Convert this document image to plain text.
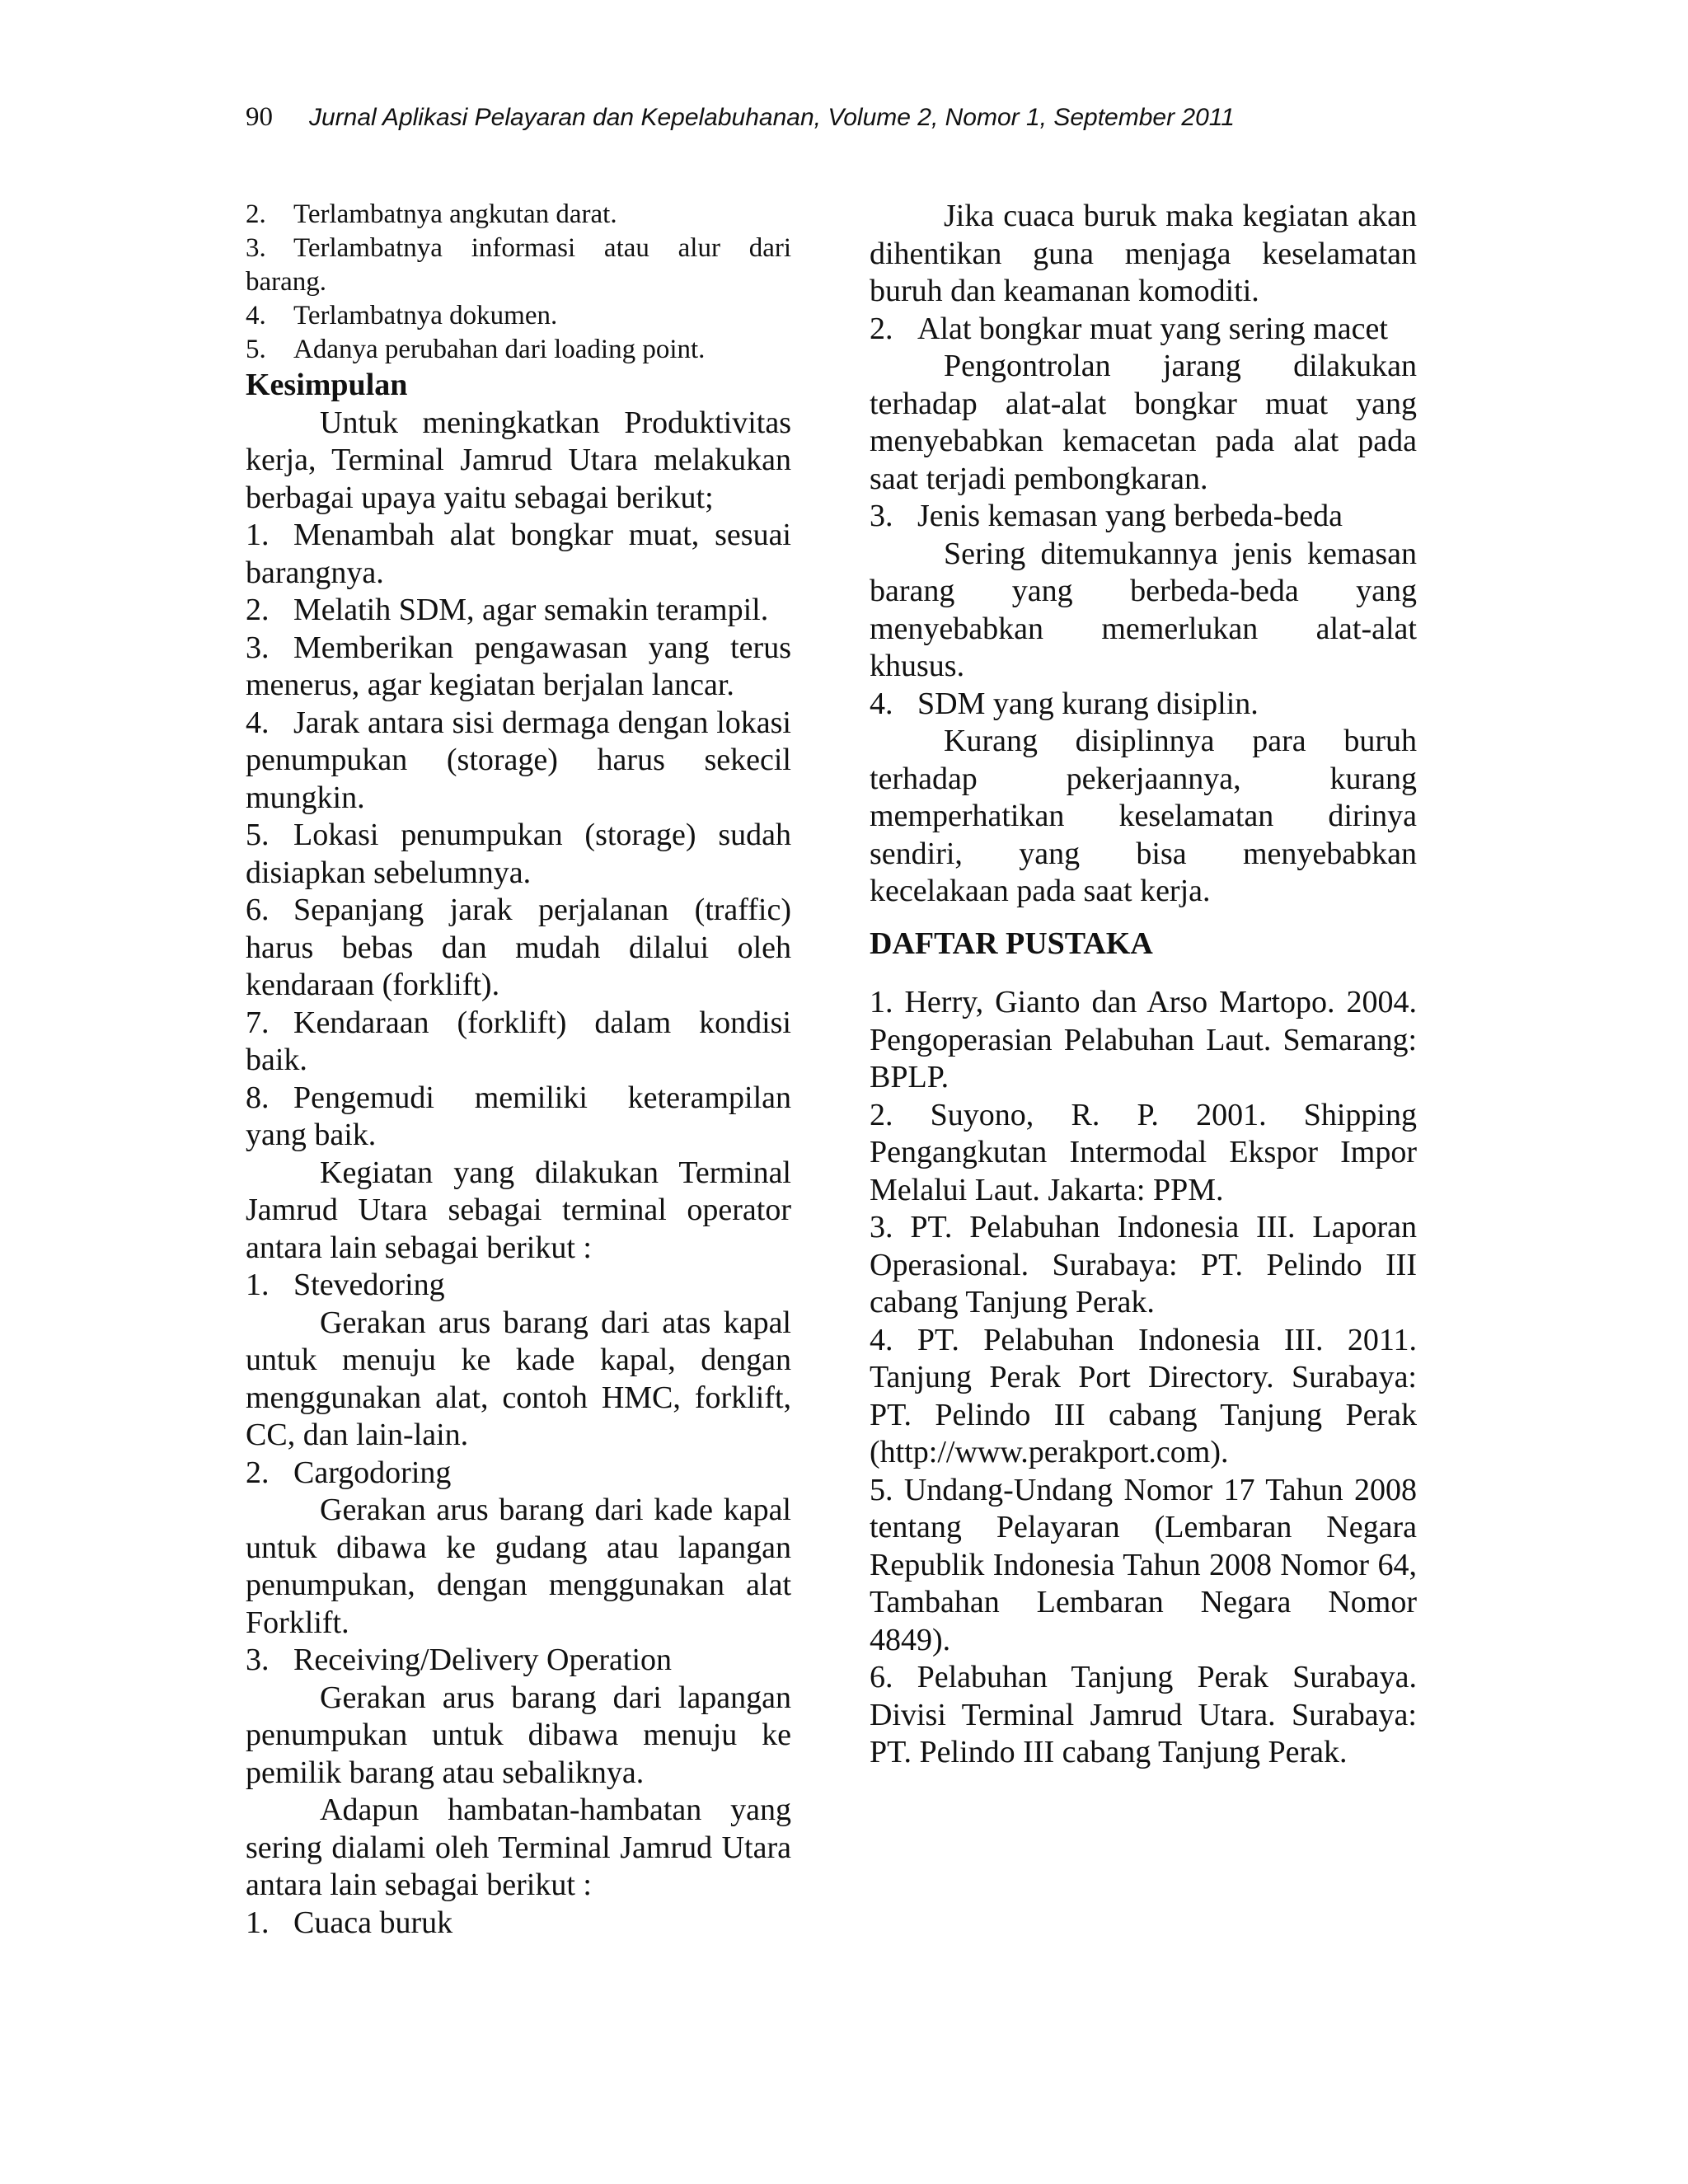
90 Jurnal Aplikasi Pelayaran dan Kepelabuhanan, Volume 2, Nomor 1, September 2011

2. Terlambatnya angkutan darat.

3. Terlambatnya informasi atau alur dari barang.

4. Terlambatnya dokumen.

5. Adanya perubahan dari loading point.

Kesimpulan

Untuk meningkatkan Produktivitas kerja, Terminal Jamrud Utara melakukan berbagai upaya yaitu sebagai berikut;

1. Menambah alat bongkar muat, sesuai barangnya.

2. Melatih SDM, agar semakin terampil.

3. Memberikan pengawasan yang terus menerus, agar kegiatan berjalan lancar.

4. Jarak antara sisi dermaga dengan lokasi penumpukan (storage) harus sekecil mungkin.

5. Lokasi penumpukan (storage) sudah disiapkan sebelumnya.

6. Sepanjang jarak perjalanan (traffic) harus bebas dan mudah dilalui oleh kendaraan (forklift).

7. Kendaraan (forklift) dalam kondisi baik.

8. Pengemudi memiliki keterampilan yang baik.

Kegiatan yang dilakukan Terminal Jamrud Utara sebagai terminal operator antara lain sebagai berikut :

1. Stevedoring

Gerakan arus barang dari atas kapal untuk menuju ke kade kapal, dengan menggunakan alat, contoh HMC, forklift, CC, dan lain-lain.

2. Cargodoring

Gerakan arus barang dari kade kapal untuk dibawa ke gudang atau lapangan penumpukan, dengan menggunakan alat Forklift.

3. Receiving/Delivery Operation

Gerakan arus barang dari lapangan penumpukan untuk dibawa menuju ke pemilik barang atau sebaliknya.

Adapun hambatan-hambatan yang sering dialami oleh Terminal Jamrud Utara antara lain sebagai berikut :

1. Cuaca buruk

Jika cuaca buruk maka kegiatan akan dihentikan guna menjaga keselamatan buruh dan keamanan komoditi.

2. Alat bongkar muat yang sering macet

Pengontrolan jarang dilakukan terhadap alat-alat bongkar muat yang menyebabkan kemacetan pada alat pada saat terjadi pembongkaran.

3. Jenis kemasan yang berbeda-beda

Sering ditemukannya jenis kemasan barang yang berbeda-beda yang menyebabkan memerlukan alat-alat khusus.

4. SDM yang kurang disiplin.

Kurang disiplinnya para buruh terhadap pekerjaannya, kurang memperhatikan keselamatan dirinya sendiri, yang bisa menyebabkan kecelakaan pada saat kerja.

DAFTAR PUSTAKA

1. Herry, Gianto dan Arso Martopo. 2004. Pengoperasian Pelabuhan Laut. Semarang: BPLP.

2. Suyono, R. P. 2001. Shipping Pengangkutan Intermodal Ekspor Impor Melalui Laut. Jakarta: PPM.

3. PT. Pelabuhan Indonesia III. Laporan Operasional. Surabaya: PT. Pelindo III cabang Tanjung Perak.

4. PT. Pelabuhan Indonesia III. 2011. Tanjung Perak Port Directory. Surabaya: PT. Pelindo III cabang Tanjung Perak (http://www.perakport.com).

5. Undang-Undang Nomor 17 Tahun 2008 tentang Pelayaran (Lembaran Negara Republik Indonesia Tahun 2008 Nomor 64, Tambahan Lembaran Negara Nomor 4849).

6. Pelabuhan Tanjung Perak Surabaya. Divisi Terminal Jamrud Utara. Surabaya: PT. Pelindo III cabang Tanjung Perak.
